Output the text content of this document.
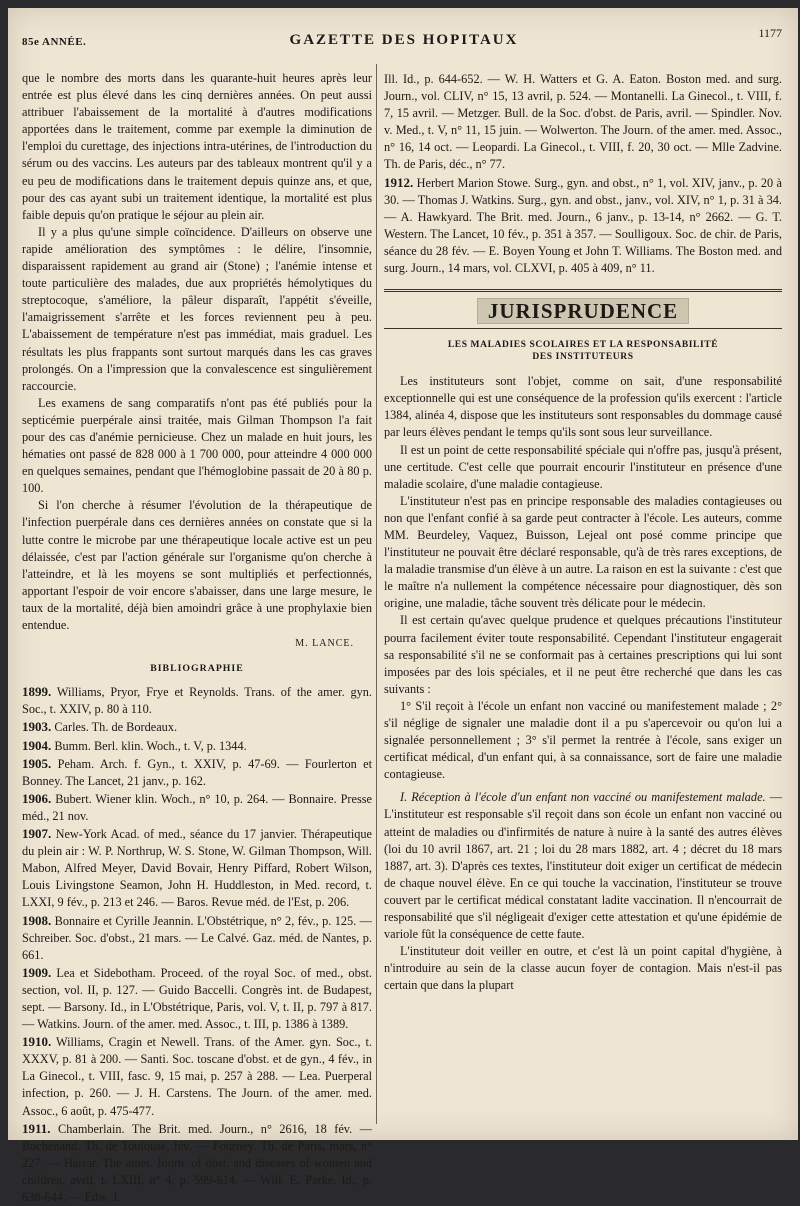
85e ANNÉE.	GAZETTE DES HOPITAUX	1177

que le nombre des morts dans les quarante-huit heures après leur entrée est plus élevé dans les cinq dernières années. On peut aussi attribuer l'abaissement de la mortalité à d'autres modifications apportées dans le traitement, comme par exemple la diminution de l'emploi du curettage, des injections intra-utérines, de l'introduction du sérum ou des vaccins. Les auteurs par des tableaux montrent qu'il y a eu peu de modifications dans le traitement depuis quinze ans, et que, pour des cas ayant subi un traitement identique, la mortalité est plus faible depuis qu'on pratique le séjour au plein air.

Il y a plus qu'une simple coïncidence. D'ailleurs on observe une rapide amélioration des symptômes : le délire, l'insomnie, disparaissent rapidement au grand air (Stone) ; l'anémie intense et toute particulière des malades, due aux propriétés hémolytiques du streptocoque, s'améliore, la pâleur disparaît, l'appétit s'éveille, l'amaigrissement s'arrête et les forces reviennent peu à peu. L'abaissement de température n'est pas immédiat, mais graduel. Les résultats les plus frappants sont surtout marqués dans les cas graves prolongés. On a l'impression que la convalescence est singulièrement raccourcie.

Les examens de sang comparatifs n'ont pas été publiés pour la septicémie puerpérale ainsi traitée, mais Gilman Thompson l'a fait pour des cas d'anémie pernicieuse. Chez un malade en huit jours, les hématies ont passé de 828 000 à 1 700 000, pour atteindre 4 000 000 en quelques semaines, pendant que l'hémoglobine passait de 20 à 80 p. 100.

Si l'on cherche à résumer l'évolution de la thérapeutique de l'infection puerpérale dans ces dernières années on constate que si la lutte contre le microbe par une thérapeutique locale active est un peu délaissée, c'est par l'action générale sur l'organisme qu'on cherche à l'atteindre, et là les moyens se sont multipliés et perfectionnés, apportant l'espoir de voir encore s'abaisser, dans une large mesure, le taux de la mortalité, déjà bien amoindri grâce à une prophylaxie bien entendue.

M. LANCE.
BIBLIOGRAPHIE

1899. Williams, Pryor, Frye et Reynolds. Trans. of the amer. gyn. Soc., t. XXIV, p. 80 à 110.

1903. Carles. Th. de Bordeaux.

1904. Bumm. Berl. klin. Woch., t. V, p. 1344.

1905. Peham. Arch. f. Gyn., t. XXIV, p. 47-69. — Fourlerton et Bonney. The Lancet, 21 janv., p. 162.

1906. Bubert. Wiener klin. Woch., n° 10, p. 264. — Bonnaire. Presse méd., 21 nov.

1907. New-York Acad. of med., séance du 17 janvier. Thérapeutique du plein air : W. P. Northrup, W. S. Stone, W. Gilman Thompson, Will. Mabon, Alfred Meyer, David Bovair, Henry Piffard, Robert Wilson, Louis Livingstone Seamon, John H. Huddleston, in Med. record, t. LXXI, 9 fév., p. 213 et 246. — Baros. Revue méd. de l'Est, p. 206.

1908. Bonnaire et Cyrille Jeannin. L'Obstétrique, n° 2, fév., p. 125. — Schreiber. Soc. d'obst., 21 mars. — Le Calvé. Gaz. méd. de Nantes, p. 661.

1909. Lea et Sidebotham. Proceed. of the royal Soc. of med., obst. section, vol. II, p. 127. — Guido Baccelli. Congrès int. de Budapest, sept. — Barsony. Id., in L'Obstétrique, Paris, vol. V, t. II, p. 797 à 817. — Watkins. Journ. of the amer. med. Assoc., t. III, p. 1386 à 1389.

1910. Williams, Cragin et Newell. Trans. of the Amer. gyn. Soc., t. XXXV, p. 81 à 200. — Santi. Soc. toscane d'obst. et de gyn., 4 fév., in La Ginecol., t. VIII, fasc. 9, 15 mai, p. 257 à 288. — Lea. Puerperal infection, p. 260. — J. H. Carstens. The Journ. of the amer. med. Assoc., 6 août, p. 475-477.

1911. Chamberlain. The Brit. med. Journ., n° 2616, 18 fév. — Buchenand. Th. de Toulouse, fév. — Fourney. Th. de Paris, mars, n° 227. — Harrar. The amer. Journ. of obst. and diseases of women and children, avril, t. LXIII, n° 4, p. 599-614. — Will. E. Parke. Id., p. 638-644. — Edw. J.

Ill. Id., p. 644-652. — W. H. Watters et G. A. Eaton. Boston med. and surg. Journ., vol. CLIV, n° 15, 13 avril, p. 524. — Montanelli. La Ginecol., t. VIII, f. 7, 15 avril. — Metzger. Bull. de la Soc. d'obst. de Paris, avril. — Spindler. Nov. v. Med., t. V, n° 11, 15 juin. — Wolwerton. The Journ. of the amer. med. Assoc., n° 16, 14 oct. — Leopardi. La Ginecol., t. VIII, f. 20, 30 oct. — Mlle Zadvine. Th. de Paris, déc., n° 77.

1912. Herbert Marion Stowe. Surg., gyn. and obst., n° 1, vol. XIV, janv., p. 20 à 30. — Thomas J. Watkins. Surg., gyn. and obst., janv., vol. XIV, n° 1, p. 31 à 34. — A. Hawkyard. The Brit. med. Journ., 6 janv., p. 13-14, n° 2662. — G. T. Western. The Lancet, 10 fév., p. 351 à 357. — Soulligoux. Soc. de chir. de Paris, séance du 28 fév. — E. Boyen Young et John T. Williams. The Boston med. and surg. Journ., 14 mars, vol. CLXVI, p. 405 à 409, n° 11.

JURISPRUDENCE
LES MALADIES SCOLAIRES ET LA RESPONSABILITÉ
DES INSTITUTEURS

Les instituteurs sont l'objet, comme on sait, d'une responsabilité exceptionnelle qui est une conséquence de la profession qu'ils exercent : l'article 1384, alinéa 4, dispose que les instituteurs sont responsables du dommage causé par leurs élèves pendant le temps qu'ils sont sous leur surveillance.

Il est un point de cette responsabilité spéciale qui n'offre pas, jusqu'à présent, une certitude. C'est celle que pourrait encourir l'instituteur en présence d'une maladie scolaire, d'une maladie contagieuse.

L'instituteur n'est pas en principe responsable des maladies contagieuses ou non que l'enfant confié à sa garde peut contracter à l'école. Les auteurs, comme MM. Beurdeley, Vaquez, Buisson, Lejeal ont posé comme principe que l'instituteur ne pouvait être déclaré responsable, qu'à de très rares exceptions, de la maladie transmise d'un élève à un autre. La raison en est la suivante : c'est que le maître n'a nullement la compétence nécessaire pour diagnostiquer, dès son origine, une maladie, tâche souvent très délicate pour le médecin.

Il est certain qu'avec quelque prudence et quelques précautions l'instituteur pourra facilement éviter toute responsabilité. Cependant l'instituteur engagerait sa responsabilité s'il ne se conformait pas à certaines prescriptions qui lui sont imposées par des lois spéciales, et il ne peut être recherché que dans les cas suivants :

1° S'il reçoit à l'école un enfant non vacciné ou manifestement malade ; 2° s'il néglige de signaler une maladie dont il a pu s'apercevoir ou qu'on lui a signalée personnellement ; 3° s'il permet la rentrée à l'école, sans exiger un certificat médical, d'un enfant qui, à sa connaissance, sort de faire une maladie contagieuse.

I. Réception à l'école d'un enfant non vacciné ou manifestement malade. — L'instituteur est responsable s'il reçoit dans son école un enfant non vacciné ou atteint de maladies ou d'infirmités de nature à nuire à la santé des autres élèves (loi du 10 avril 1867, art. 21 ; loi du 28 mars 1882, art. 4 ; décret du 18 mars 1887, art. 3). D'après ces textes, l'instituteur doit exiger un certificat de médecin de chaque nouvel élève. En ce qui touche la vaccination, l'instituteur se trouve couvert par le certificat médical constatant ladite vaccination. Il n'encourrait de responsabilité que s'il négligeait d'exiger cette attestation et qu'une épidémie de variole fût la conséquence de cette faute.

L'instituteur doit veiller en outre, et c'est là un point capital d'hygiène, à n'introduire au sein de la classe aucun foyer de contagion. Mais n'est-il pas certain que dans la plupart
